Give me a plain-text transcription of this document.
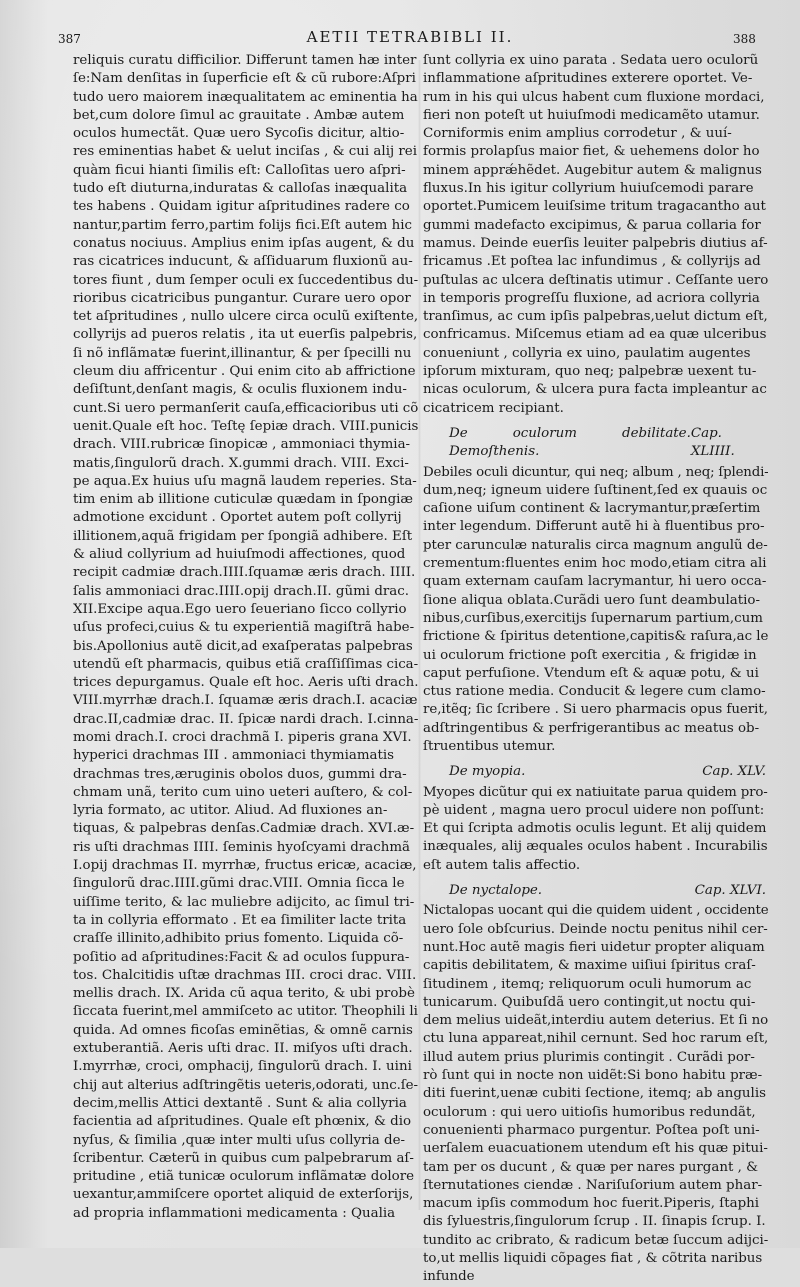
387	AETII TETRABIBLI II.	388
reliquis curatu difficilior. Differunt tamen hæ inter
ſe:Nam denſitas in ſuperficie eſt & cũ rubore:Aſpri
tudo uero maiorem inæqualitatem ac eminentia ha
bet,cum dolore ſimul ac grauitate . Ambæ autem
oculos humectãt. Quæ uero Sycoſis dicitur, altio-
res eminentias habet & uelut inciſas , & cui alij rei
quàm ficui hianti ſimilis eſt: Calloſitas uero aſpri-
tudo eſt diuturna,induratas & calloſas inæqualita
tes habens . Quidam igitur aſpritudines radere co
nantur,partim ferro,partim folijs fici.Eſt autem hic
conatus nociuus. Amplius enim ipſas augent, & du
ras cicatrices inducunt, & aſſiduarum fluxionũ au-
tores fiunt , dum ſemper oculi ex ſuccedentibus du-
rioribus cicatricibus pungantur. Curare uero opor
tet aſpritudines , nullo ulcere circa oculũ exiſtente,
collyrijs ad pueros relatis , ita ut euerſis palpebris,
ſi nõ inflãmatæ fuerint,illinantur, & per ſpecilli nu
cleum diu affricentur . Qui enim cito ab affrictione
deſiſtunt,denſant magis, & oculis fluxionem indu-
cunt.Si uero permanſerit cauſa,efficacioribus uti cõ
uenit.Quale eſt hoc. Teſtę ſepiæ drach. VIII.punicis
drach. VIII.rubricæ ſinopicæ , ammoniaci thymia-
matis,ſingulorũ drach. X.gummi drach. VIII. Exci-
pe aqua.Ex huius uſu magnã laudem reperies. Sta-
tim enim ab illitione cuticulæ quædam in ſpongiæ
admotione excidunt . Oportet autem poſt collyrij
illitionem,aquã frigidam per ſpongiã adhibere. Eſt
& aliud collyrium ad huiuſmodi affectiones, quod
recipit cadmiæ drach.IIII.ſquamæ æris drach. IIII.
ſalis ammoniaci drac.IIII.opij drach.II. gũmi drac.
XII.Excipe aqua.Ego uero ſeueriano ſicco collyrio
uſus profeci,cuius & tu experientiã magiſtrã habe-
bis.Apollonius autẽ dicit,ad exaſperatas palpebras
utendũ eſt pharmacis, quibus etiã craſſiſſimas cica-
trices depurgamus. Quale eſt hoc. Aeris uſti drach.
VIII.myrrhæ drach.I. ſquamæ æris drach.I. acaciæ
drac.II,cadmiæ drac. II. ſpicæ nardi drach. I.cinna-
momi drach.I. croci drachmã I. piperis grana XVI.
hyperici drachmas III . ammoniaci thymiamatis
drachmas tres,æruginis obolos duos, gummi dra-
chmam unã, terito cum uino ueteri auſtero, & col-
lyria formato, ac utitor. Aliud. Ad fluxiones an-
tiquas, & palpebras denſas.Cadmiæ drach. XVI.æ-
ris uſti drachmas IIII. ſeminis hyoſcyami drachmã
I.opij drachmas II. myrrhæ, fructus ericæ, acaciæ,
ſingulorũ drac.IIII.gũmi drac.VIII. Omnia ſicca le
uiſſime terito, & lac muliebre adijcito, ac ſimul tri-
ta in collyria efformato . Et ea ſimiliter lacte trita
craſſe illinito,adhibito prius fomento. Liquida cõ-
poſitio ad aſpritudines:Facit & ad oculos ſuppura-
tos. Chalcitidis uſtæ drachmas III. croci drac. VIII.
mellis drach. IX. Arida cũ aqua terito, & ubi probè
ſiccata fuerint,mel ammiſceto ac utitor. Theophili li
quida. Ad omnes ficoſas eminẽtias, & omnẽ carnis
extuberantiã. Aeris uſti drac. II. miſyos uſti drach.
I.myrrhæ, croci, omphacij, ſingulorũ drach. I. uini
chij aut alterius adſtringẽtis ueteris,odorati, unc.ſe-
decim,mellis Attici dextantẽ . Sunt & alia collyria
facientia ad aſpritudines. Quale eſt phœnix, & dio
nyſus, & ſimilia ,quæ inter multi uſus collyria de-
ſcribentur. Cæterũ in quibus cum palpebrarum aſ-
pritudine , etiã tunicæ oculorum inflãmatæ dolore
uexantur,ammiſcere oportet aliquid de exterſorijs,
ad propria inflammationi medicamenta : Qualia
ſunt collyria ex uino parata . Sedata uero oculorũ
inflammatione aſpritudines exterere oportet. Ve-
rum in his qui ulcus habent cum fluxione mordaci,
fieri non poteſt ut huiuſmodi medicamẽto utamur.
Corniformis enim amplius corrodetur , & uuí-
formis prolapſus maior fiet, & uehemens dolor ho
minem apprǽhẽdet. Augebitur autem & malignus
fluxus.In his igitur collyrium huiuſcemodi parare
oportet.Pumicem leuiſsime tritum tragacantho aut
gummi madefacto excipimus, & parua collaria for
mamus. Deinde euerſis leuiter palpebris diutius af-
fricamus .Et poſtea lac infundimus , & collyrijs ad
puſtulas ac ulcera deſtinatis utimur . Ceſſante uero
in temporis progreſſu fluxione, ad acriora collyria
tranſimus, ac cum ipſis palpebras,uelut dictum eſt,
confricamus. Miſcemus etiam ad ea quæ ulceribus
conueniunt , collyria ex uino, paulatim augentes
ipſorum mixturam, quo neq; palpebræ uexent tu-
nicas oculorum, & ulcera pura facta impleantur ac
cicatricem recipiant.
De oculorum debilitate. Demoſthenis.
Cap. XLIIII.
Debiles oculi dicuntur, qui neq; album , neq; ſplendi-
dum,neq; igneum uidere ſuſtinent,ſed ex quauis oc
caſione uiſum continent & lacrymantur,præſertim
inter legendum. Differunt autẽ hi à fluentibus pro-
pter carunculæ naturalis circa magnum angulũ de-
crementum:fluentes enim hoc modo,etiam citra ali
quam externam cauſam lacrymantur, hi uero occa-
ſione aliqua oblata.Curãdi uero ſunt deambulatio-
nibus,curſibus,exercitijs ſupernarum partium,cum
frictione & ſpiritus detentione,capitis& raſura,ac le
ui oculorum frictione poſt exercitia , & frigidæ in
caput perfuſione. Vtendum eſt & aquæ potu, & ui
ctus ratione media. Conducit & legere cum clamo-
re,itẽq; ſic ſcribere . Si uero pharmacis opus fuerit,
adſtringentibus & perfrigerantibus ac meatus ob-
ſtruentibus utemur.
De myopia.	Cap. XLV.
Myopes dicũtur qui ex natiuitate parua quidem pro-
pè uident , magna uero procul uidere non poſſunt:
Et qui ſcripta admotis oculis legunt. Et alij quidem
inæquales, alij æquales oculos habent . Incurabilis
eſt autem talis affectio.
De nyctalope.	Cap. XLVI.
Nictalopas uocant qui die quidem uident , occidente
uero ſole obſcurius. Deinde noctu penitus nihil cer-
nunt.Hoc autẽ magis fieri uidetur propter aliquam
capitis debilitatem, & maxime uiſiui ſpiritus craſ-
ſitudinem , itemq; reliquorum oculi humorum ac
tunicarum. Quibuſdã uero contingit,ut noctu qui-
dem melius uideãt,interdiu autem deterius. Et ſi no
ctu luna appareat,nihil cernunt. Sed hoc rarum eſt,
illud autem prius plurimis contingit . Curãdi por-
rò ſunt qui in nocte non uidẽt:Si bono habitu præ-
diti fuerint,uenæ cubiti ſectione, itemq; ab angulis
oculorum : qui uero uitioſis humoribus redundãt,
conuenienti pharmaco purgentur. Poſtea poſt uni-
uerſalem euacuationem utendum eſt his quæ pitui-
tam per os ducunt , & quæ per nares purgant , &
ſternutationes ciendæ . Nariſuſorium autem phar-
macum ipſis commodum hoc fuerit.Piperis, ſtaphi
dis ſyluestris,ſingulorum ſcrup . II. ſinapis ſcrup. I.
tundito ac cribrato, & radicum betæ ſuccum adijci-
to,ut mellis liquidi cõpages fiat , & cõtrita naribus
infunde
